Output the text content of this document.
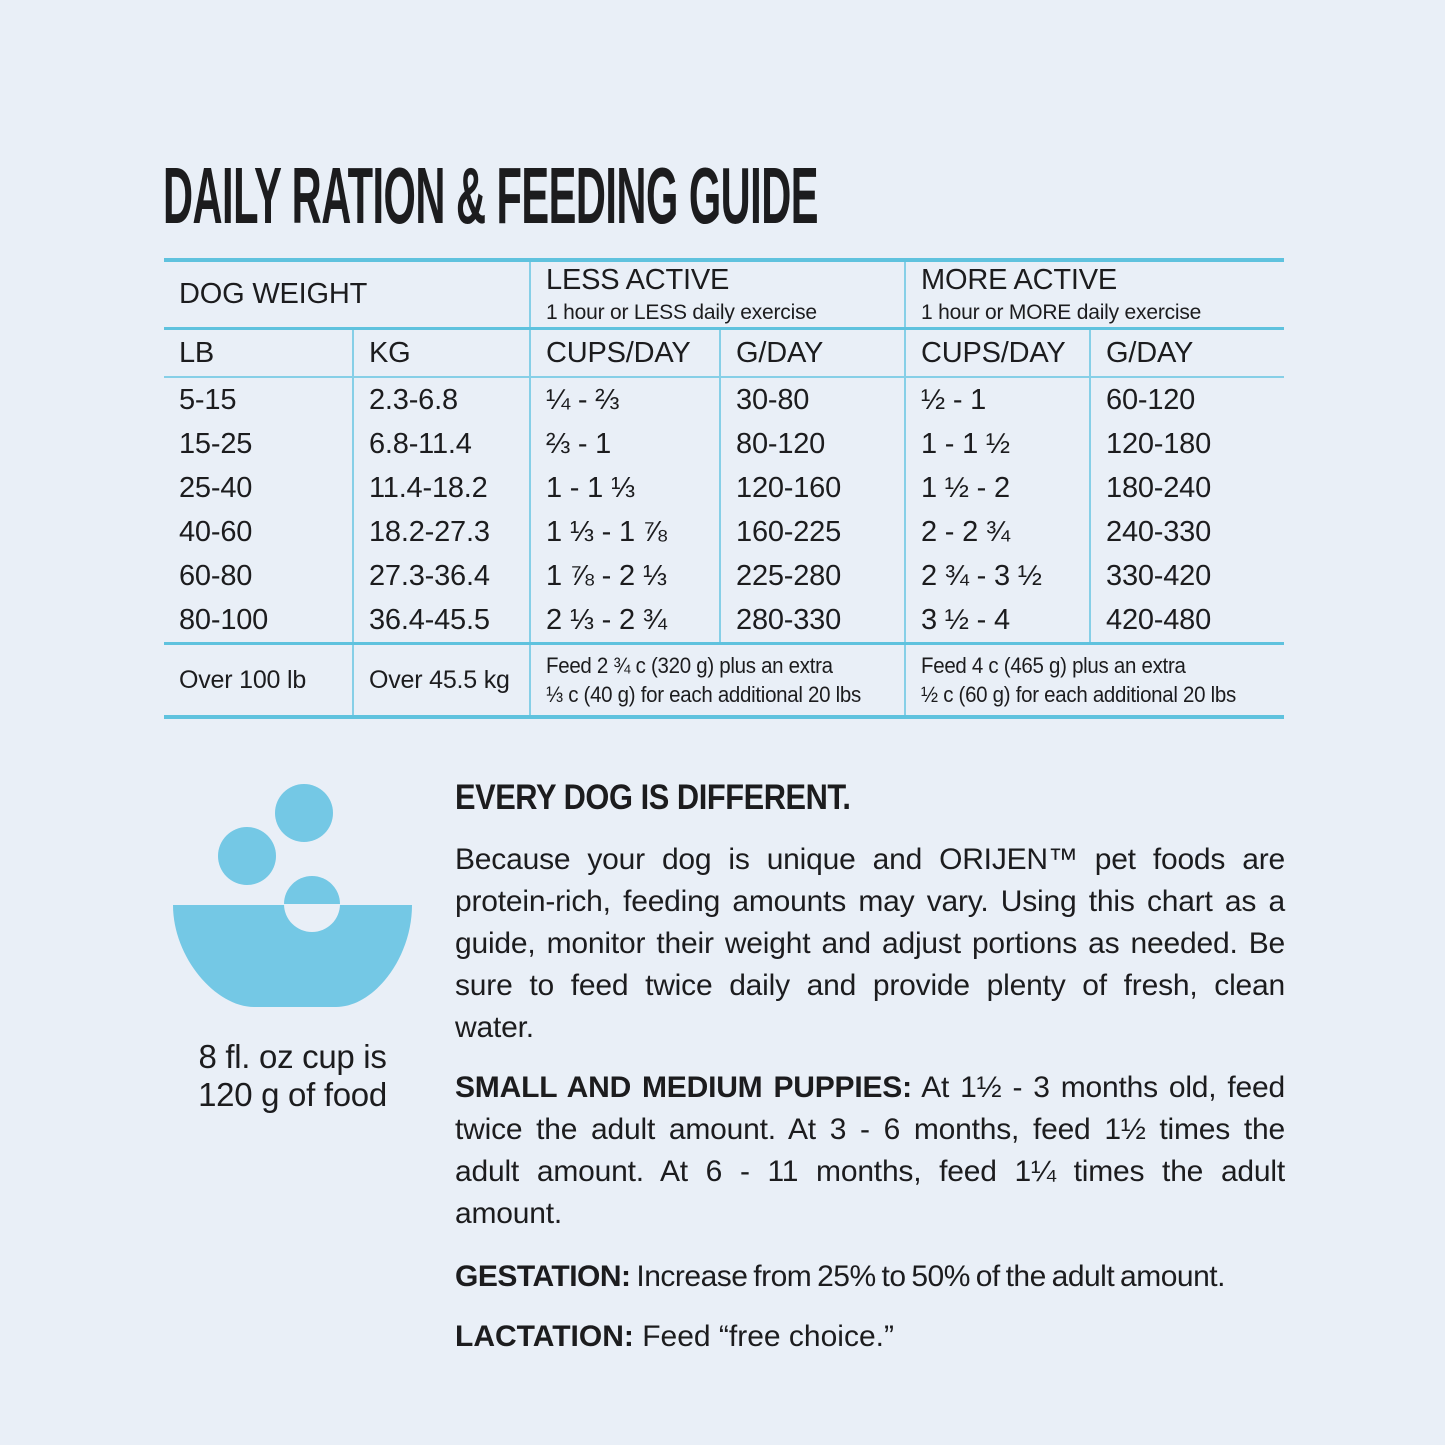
DAILY RATION & FEEDING GUIDE
DOG WEIGHT	LESS ACTIVE
1 hour or LESS daily exercise

MORE ACTIVE
1 hour or MORE daily exercise

LB	KG	CUPS/DAY	G/DAY	CUPS/DAY	G/DAY
5-15	2.3-6.8	¼ - ⅔	30-80	½ - 1	60-120
15-25	6.8-11.4	⅔ - 1	80-120	1 - 1 ½	120-180
25-40	11.4-18.2	1 - 1 ⅓	120-160	1 ½ - 2	180-240
40-60	18.2-27.3	1 ⅓ - 1 ⅞	160-225	2 - 2 ¾	240-330
60-80	27.3-36.4	1 ⅞ - 2 ⅓	225-280	2 ¾ - 3 ½	330-420
80-100	36.4-45.5	2 ⅓ - 2 ¾	280-330	3 ½ - 4	420-480

Over 100 lb	Over 45.5 kg	Feed 2 ¾ c (320 g) plus an extra
⅓ c (40 g) for each additional 20 lbs

Feed 4 c (465 g) plus an extra
½ c (60 g) for each additional 20 lbs
8 fl. oz cup is
120 g of food
EVERY DOG IS DIFFERENT.

Because your dog is unique and ORIJEN™ pet foods are protein-rich, feeding amounts may vary. Using this chart as a guide, monitor their weight and adjust portions as needed. Be sure to feed twice daily and provide plenty of fresh, clean water.

SMALL AND MEDIUM PUPPIES: At 1½ - 3 months old, feed twice the adult amount. At 3 - 6 months, feed 1½ times the adult amount. At 6 - 11 months, feed 1¼ times the adult amount.

GESTATION: Increase from 25% to 50% of the adult amount.

LACTATION: Feed “free choice.”
